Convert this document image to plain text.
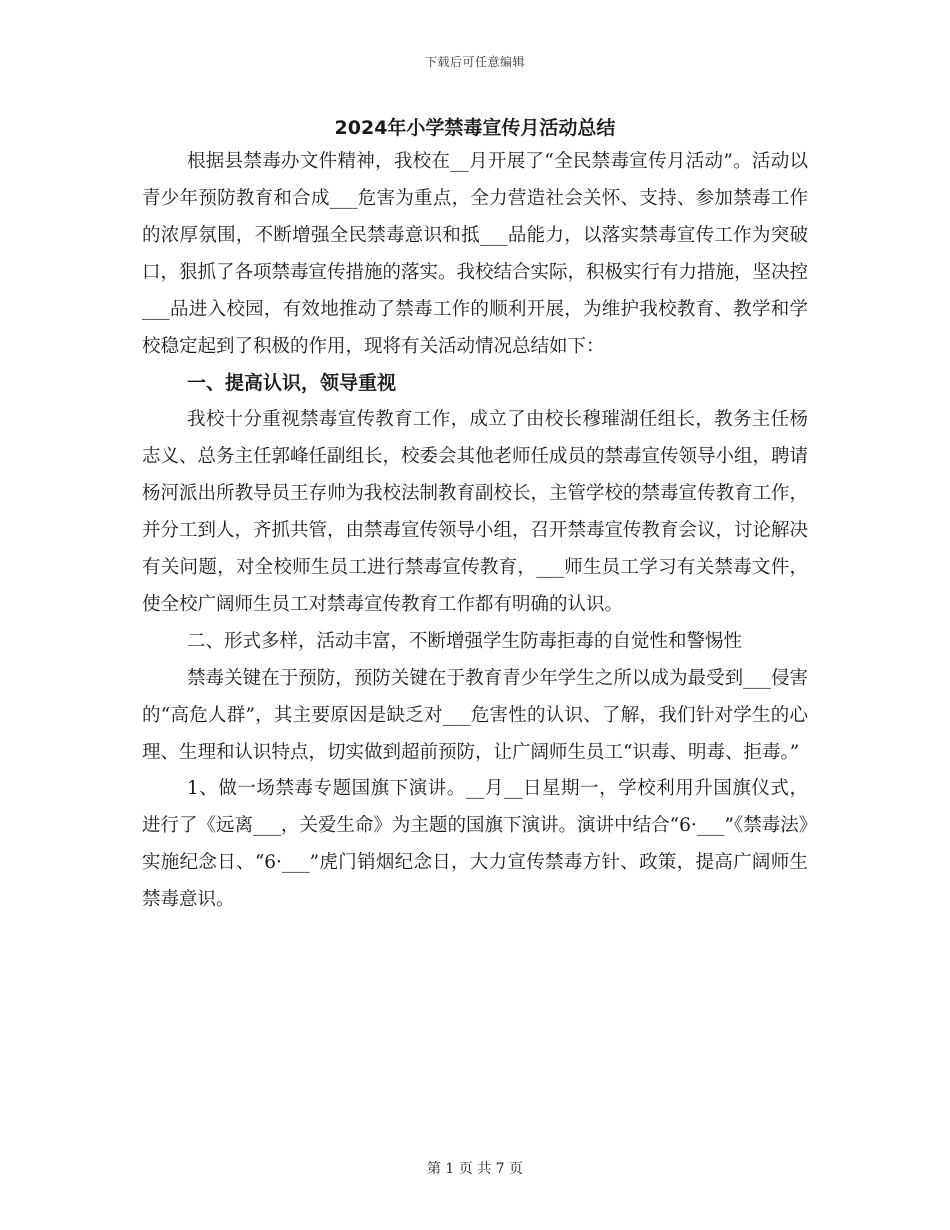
下载后可任意编辑
2024年小学禁毒宣传月活动总结

根据县禁毒办文件精神，我校在__月开展了“全民禁毒宣传月活动”。活动以青少年预防教育和合成___危害为重点，全力营造社会关怀、支持、参加禁毒工作的浓厚氛围，不断增强全民禁毒意识和抵___品能力，以落实禁毒宣传工作为突破口，狠抓了各项禁毒宣传措施的落实。我校结合实际，积极实行有力措施，坚决控___品进入校园，有效地推动了禁毒工作的顺利开展，为维护我校教育、教学和学校稳定起到了积极的作用，现将有关活动情况总结如下：

一、提高认识，领导重视

我校十分重视禁毒宣传教育工作，成立了由校长穆璀湖任组长，教务主任杨志义、总务主任郭峰任副组长，校委会其他老师任成员的禁毒宣传领导小组，聘请杨河派出所教导员王存帅为我校法制教育副校长，主管学校的禁毒宣传教育工作，并分工到人，齐抓共管，由禁毒宣传领导小组，召开禁毒宣传教育会议，讨论解决有关问题，对全校师生员工进行禁毒宣传教育，___师生员工学习有关禁毒文件，使全校广阔师生员工对禁毒宣传教育工作都有明确的认识。

二、形式多样，活动丰富，不断增强学生防毒拒毒的自觉性和警惕性

禁毒关键在于预防，预防关键在于教育青少年学生之所以成为最受到___侵害的“高危人群”，其主要原因是缺乏对___危害性的认识、了解，我们针对学生的心理、生理和认识特点，切实做到超前预防，让广阔师生员工“识毒、明毒、拒毒。”

1、做一场禁毒专题国旗下演讲。__月__日星期一，学校利用升国旗仪式，进行了《远离___，关爱生命》为主题的国旗下演讲。演讲中结合“6·___”《禁毒法》实施纪念日、“6·___”虎门销烟纪念日，大力宣传禁毒方针、政策，提高广阔师生禁毒意识。

第 1 页 共 7 页
